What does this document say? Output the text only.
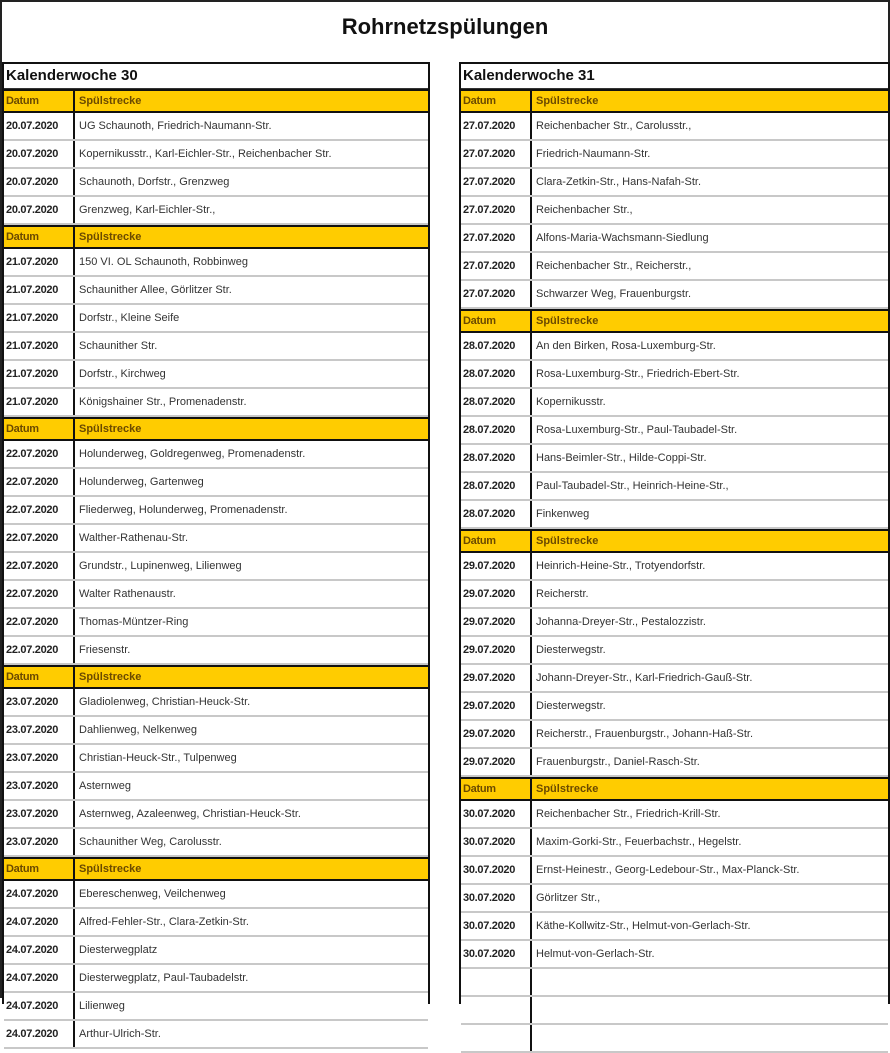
Rohrnetzspülungen
Kalenderwoche 30
Datum	Spülstrecke
20.07.2020	UG Schaunoth, Friedrich-Naumann-Str.
20.07.2020	Kopernikusstr., Karl-Eichler-Str., Reichenbacher Str.
20.07.2020	Schaunoth, Dorfstr., Grenzweg
20.07.2020	Grenzweg, Karl-Eichler-Str.,
Datum	Spülstrecke
21.07.2020	150 VI. OL Schaunoth, Robbinweg
21.07.2020	Schaunither Allee, Görlitzer Str.
21.07.2020	Dorfstr., Kleine Seife
21.07.2020	Schaunither Str.
21.07.2020	Dorfstr., Kirchweg
21.07.2020	Königshainer Str., Promenadenstr.
Datum	Spülstrecke
22.07.2020	Holunderweg, Goldregenweg, Promenadenstr.
22.07.2020	Holunderweg, Gartenweg
22.07.2020	Fliederweg, Holunderweg, Promenadenstr.
22.07.2020	Walther-Rathenau-Str.
22.07.2020	Grundstr., Lupinenweg, Lilienweg
22.07.2020	Walter Rathenaustr.
22.07.2020	Thomas-Müntzer-Ring
22.07.2020	Friesenstr.
Datum	Spülstrecke
23.07.2020	Gladiolenweg, Christian-Heuck-Str.
23.07.2020	Dahlienweg, Nelkenweg
23.07.2020	Christian-Heuck-Str., Tulpenweg
23.07.2020	Asternweg
23.07.2020	Asternweg, Azaleenweg, Christian-Heuck-Str.
23.07.2020	Schaunither Weg, Carolusstr.
Datum	Spülstrecke
24.07.2020	Ebereschenweg, Veilchenweg
24.07.2020	Alfred-Fehler-Str., Clara-Zetkin-Str.
24.07.2020	Diesterwegplatz
24.07.2020	Diesterwegplatz, Paul-Taubadelstr.
24.07.2020	Lilienweg
24.07.2020	Arthur-Ulrich-Str.
Kalenderwoche 31
Datum	Spülstrecke
27.07.2020	Reichenbacher Str., Carolusstr.,
27.07.2020	Friedrich-Naumann-Str.
27.07.2020	Clara-Zetkin-Str., Hans-Nafah-Str.
27.07.2020	Reichenbacher Str.,
27.07.2020	Alfons-Maria-Wachsmann-Siedlung
27.07.2020	Reichenbacher Str., Reicherstr.,
27.07.2020	Schwarzer Weg, Frauenburgstr.
Datum	Spülstrecke
28.07.2020	An den Birken, Rosa-Luxemburg-Str.
28.07.2020	Rosa-Luxemburg-Str., Friedrich-Ebert-Str.
28.07.2020	Kopernikusstr.
28.07.2020	Rosa-Luxemburg-Str., Paul-Taubadel-Str.
28.07.2020	Hans-Beimler-Str., Hilde-Coppi-Str.
28.07.2020	Paul-Taubadel-Str., Heinrich-Heine-Str.,
28.07.2020	Finkenweg
Datum	Spülstrecke
29.07.2020	Heinrich-Heine-Str., Trotyendorfstr.
29.07.2020	Reicherstr.
29.07.2020	Johanna-Dreyer-Str., Pestalozzistr.
29.07.2020	Diesterwegstr.
29.07.2020	Johann-Dreyer-Str., Karl-Friedrich-Gauß-Str.
29.07.2020	Diesterwegstr.
29.07.2020	Reicherstr., Frauenburgstr., Johann-Haß-Str.
29.07.2020	Frauenburgstr., Daniel-Rasch-Str.
Datum	Spülstrecke
30.07.2020	Reichenbacher Str., Friedrich-Krill-Str.
30.07.2020	Maxim-Gorki-Str., Feuerbachstr., Hegelstr.
30.07.2020	Ernst-Heinestr., Georg-Ledebour-Str., Max-Planck-Str.
30.07.2020	Görlitzer Str.,
30.07.2020	Käthe-Kollwitz-Str., Helmut-von-Gerlach-Str.
30.07.2020	Helmut-von-Gerlach-Str.
